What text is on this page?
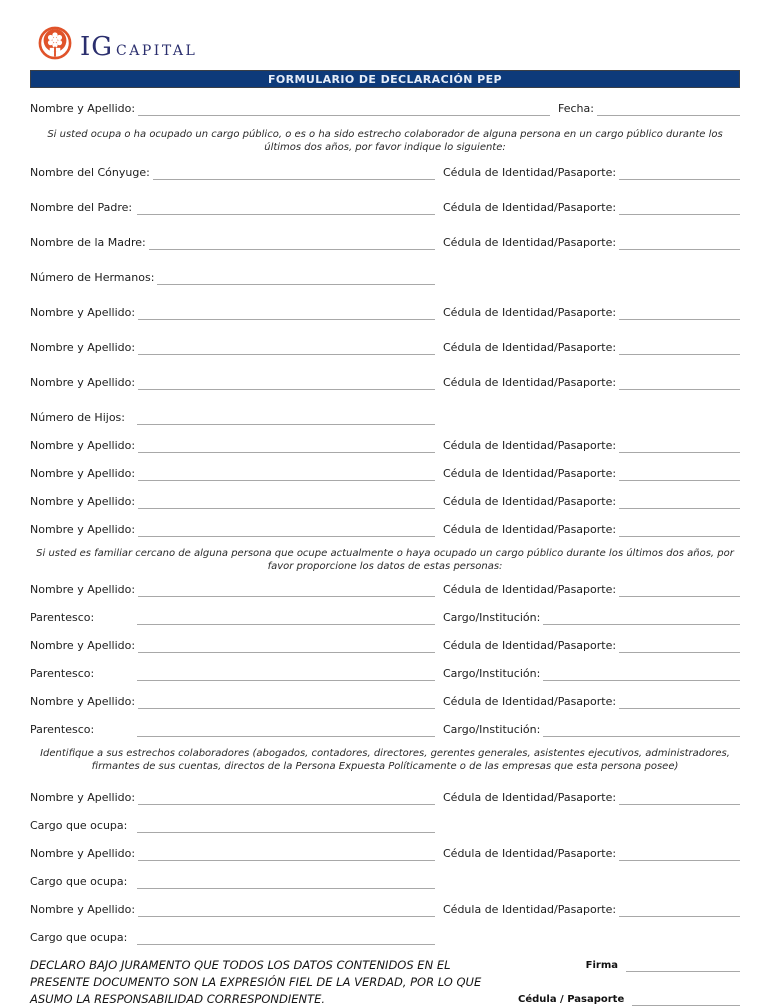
IG CAPITAL
FORMULARIO DE DECLARACIÓN PEP
Nombre y Apellido:	Fecha:
Si usted ocupa o ha ocupado un cargo público, o es o ha sido estrecho colaborador de alguna persona en un cargo público durante los últimos dos años, por favor indique lo siguiente:
Nombre del Cónyuge:	Cédula de Identidad/Pasaporte:
Nombre del Padre:	Cédula de Identidad/Pasaporte:
Nombre de la Madre:	Cédula de Identidad/Pasaporte:
Número de Hermanos:
Nombre y Apellido:	Cédula de Identidad/Pasaporte:
Nombre y Apellido:	Cédula de Identidad/Pasaporte:
Nombre y Apellido:	Cédula de Identidad/Pasaporte:
Número de Hijos:
Nombre y Apellido:	Cédula de Identidad/Pasaporte:
Nombre y Apellido:	Cédula de Identidad/Pasaporte:
Nombre y Apellido:	Cédula de Identidad/Pasaporte:
Nombre y Apellido:	Cédula de Identidad/Pasaporte:
Si usted es familiar cercano de alguna persona que ocupe actualmente o haya ocupado un cargo público durante los últimos dos años, por favor proporcione los datos de estas personas:
Nombre y Apellido:	Cédula de Identidad/Pasaporte:
Parentesco:	Cargo/Institución:
Nombre y Apellido:	Cédula de Identidad/Pasaporte:
Parentesco:	Cargo/Institución:
Nombre y Apellido:	Cédula de Identidad/Pasaporte:
Parentesco:	Cargo/Institución:
Identifique a sus estrechos colaboradores (abogados, contadores, directores, gerentes generales, asistentes ejecutivos, administradores, firmantes de sus cuentas, directos de la Persona Expuesta Políticamente o de las empresas que esta persona posee)
Nombre y Apellido:	Cédula de Identidad/Pasaporte:
Cargo que ocupa:
Nombre y Apellido:	Cédula de Identidad/Pasaporte:
Cargo que ocupa:
Nombre y Apellido:	Cédula de Identidad/Pasaporte:
Cargo que ocupa:
DECLARO BAJO JURAMENTO QUE TODOS LOS DATOS CONTENIDOS EN EL PRESENTE DOCUMENTO SON LA EXPRESIÓN FIEL DE LA VERDAD, POR LO QUE ASUMO LA RESPONSABILIDAD CORRESPONDIENTE.
Firma
Cédula / Pasaporte
